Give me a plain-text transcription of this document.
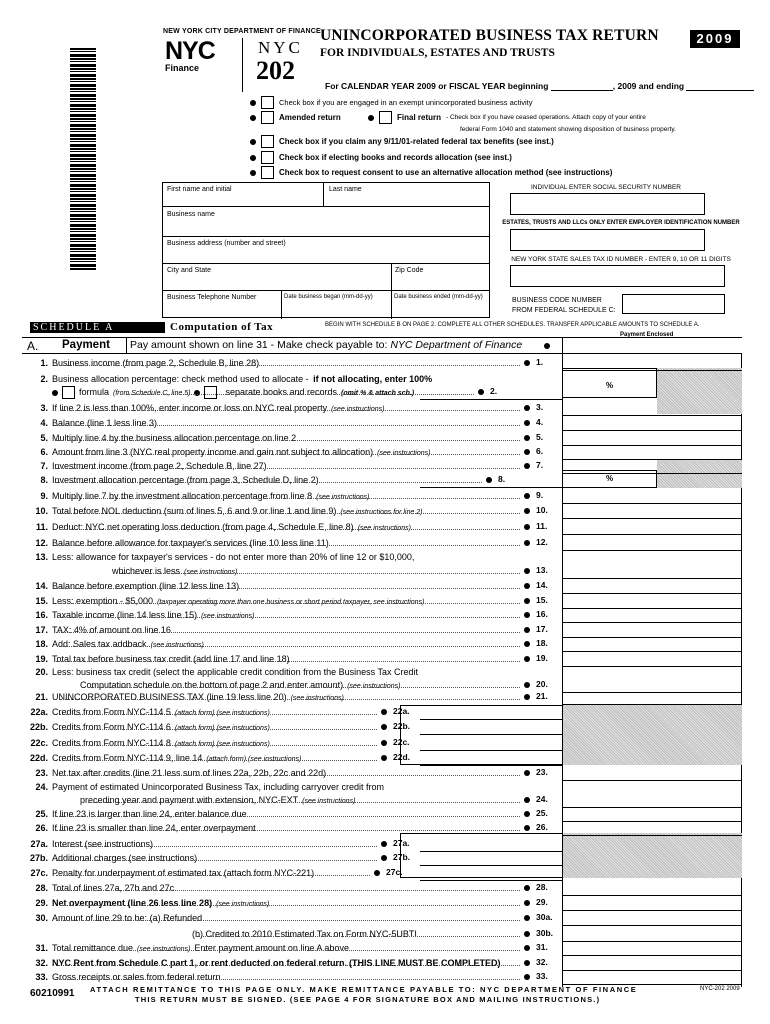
NEW YORK CITY DEPARTMENT OF FINANCE
NYC
Finance
NYC
202
UNINCORPORATED BUSINESS TAX RETURN
FOR INDIVIDUALS, ESTATES AND TRUSTS
2009
For CALENDAR YEAR 2009 or FISCAL YEAR beginning	, 2009 and ending
Check box if you are engaged in an exempt unincorporated business activity
Amended return	Final return - Check box if you have ceased operations. Attach copy of your entire
federal Form 1040 and statement showing disposition of business property.
Check box if you claim any 9/11/01-related federal tax benefits (see inst.)
Check box if electing books and records allocation (see inst.)
Check box to request consent to use an alternative allocation method (see instructions)
First name and initial	Last name
Business name
Business address (number and street)
City and State	Zip Code
Business Telephone Number	Date business began (mm-dd-yy)	Date business ended (mm-dd-yy)
INDIVIDUAL ENTER SOCIAL SECURITY NUMBER
ESTATES, TRUSTS AND LLCs ONLY ENTER EMPLOYER IDENTIFICATION NUMBER
NEW YORK STATE SALES TAX ID NUMBER - ENTER 9, 10 OR 11 DIGITS
BUSINESS CODE NUMBER
FROM FEDERAL SCHEDULE C:
SCHEDULE A	Computation of Tax	BEGIN WITH SCHEDULE B ON PAGE 2. COMPLETE ALL OTHER SCHEDULES. TRANSFER APPLICABLE AMOUNTS TO SCHEDULE A.
Payment Enclosed
A. Payment Pay amount shown on line 31 - Make check payable to: NYC Department of Finance
%
%
1. Business income (from page 2, Schedule B, line 28)	1.
2. Business allocation percentage: check method used to allocate - if not allocating, enter 100%
formula (from Schedule C, line 5)	separate books and records (omit % & attach sch.)	2.
3. If line 2 is less than 100%, enter income or loss on NYC real property (see instructions)	3.
4. Balance (line 1 less line 3)	4.
5. Multiply line 4 by the business allocation percentage on line 2	5.
6. Amount from line 3 (NYC real property income and gain not subject to allocation) (see instructions)	6.
7. Investment income (from page 2, Schedule B, line 27)	7.
8. Investment allocation percentage (from page 3, Schedule D, line 2)	8.
9. Multiply line 7 by the investment allocation percentage from line 8 (see instructions)	9.
10. Total before NOL deduction (sum of lines 5, 6 and 9 or line 1 and line 9) (see instructions for line 2)	10.
11. Deduct: NYC net operating loss deduction (from page 4, Schedule E, line 8) (see instructions)	11.
12. Balance before allowance for taxpayer's services (line 10 less line 11)	12.
13. Less: allowance for taxpayer's services - do not enter more than 20% of line 12 or $10,000,
whichever is less (see instructions)	13.
14. Balance before exemption (line 12 less line 13)	14.
15. Less: exemption - $5,000 (taxpayer operating more than one business or short period taxpayer, see instructions)	15.
16. Taxable income (line 14 less line 15) (see instructions)	16.
17. TAX: 4% of amount on line 16	17.
18. Add: Sales tax addback (see instructions)	18.
19. Total tax before business tax credit (add line 17 and line 18)	19.
20. Less: business tax credit (select the applicable credit condition from the Business Tax Credit
Computation schedule on the bottom of page 2 and enter amount) (see instructions)	20.
21. UNINCORPORATED BUSINESS TAX (line 19 less line 20) (see instructions)	21.
22a. Credits from Form NYC-114.5 (attach form) (see instructions)	22a.
22b. Credits from Form NYC-114.6 (attach form) (see instructions)	22b.
22c. Credits from Form NYC-114.8 (attach form) (see instructions)	22c.
22d. Credits from Form NYC-114.9, line 14 (attach form) (see instructions)	22d.
23. Net tax after credits (line 21 less sum of lines 22a, 22b, 22c and 22d)	23.
24. Payment of estimated Unincorporated Business Tax, including carryover credit from
preceding year and payment with extension, NYC-EXT (see instructions)	24.
25. If line 23 is larger than line 24, enter balance due	25.
26. If line 23 is smaller than line 24, enter overpayment	26.
27a. Interest (see instructions)	27a.
27b. Additional charges (see instructions)	27b.
27c. Penalty for underpayment of estimated tax (attach form NYC-221)	27c.
28. Total of lines 27a, 27b and 27c	28.
29. Net overpayment (line 26 less line 28) (see instructions)	29.
30. Amount of line 29 to be: (a) Refunded	30a.
(b) Credited to 2010 Estimated Tax on Form NYC-5UBTI	30b.
31. Total remittance due (see instructions) Enter payment amount on line A above	31.
32. NYC Rent from Schedule C part 1, or rent deducted on federal return. (THIS LINE MUST BE COMPLETED)	32.
33. Gross receipts or sales from federal return	33.
60210991 ATTACH REMITTANCE TO THIS PAGE ONLY. MAKE REMITTANCE PAYABLE TO: NYC DEPARTMENT OF FINANCE
THIS RETURN MUST BE SIGNED. (SEE PAGE 4 FOR SIGNATURE BOX AND MAILING INSTRUCTIONS.)
NYC-202 2009
